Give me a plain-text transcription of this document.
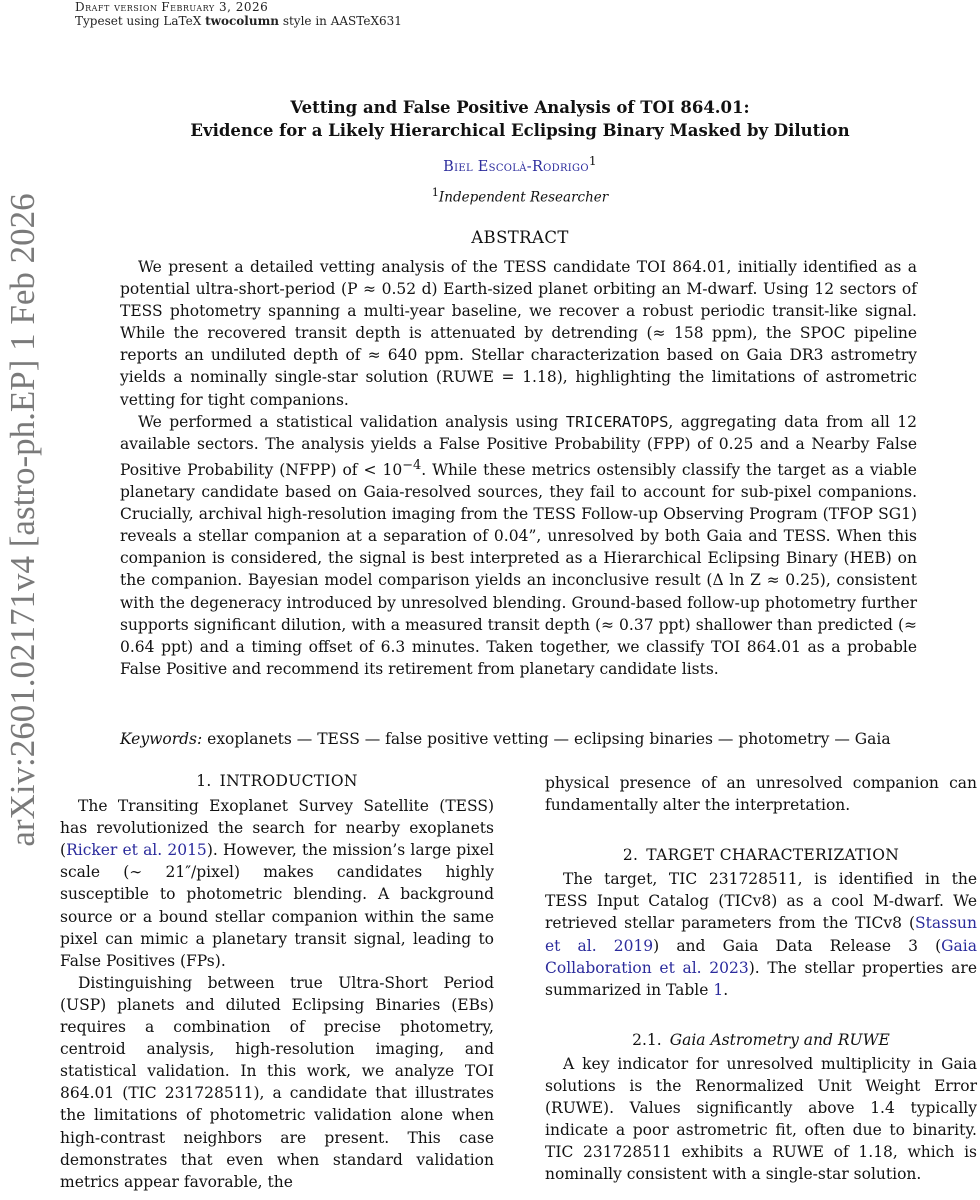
Draft version February 3, 2026
Typeset using LaTeX twocolumn style in AASTeX631
arXiv:2601.02171v4 [astro-ph.EP] 1 Feb 2026
Vetting and False Positive Analysis of TOI 864.01:
Evidence for a Likely Hierarchical Eclipsing Binary Masked by Dilution
Biel Escolà-Rodrigo$^1$
$^1$Independent Researcher
ABSTRACT

We present a detailed vetting analysis of the TESS candidate TOI 864.01, initially identified as a potential ultra-short-period (P ≈ 0.52 d) Earth-sized planet orbiting an M-dwarf. Using 12 sectors of TESS photometry spanning a multi-year baseline, we recover a robust periodic transit-like signal. While the recovered transit depth is attenuated by detrending (≈ 158 ppm), the SPOC pipeline reports an undiluted depth of ≈ 640 ppm. Stellar characterization based on Gaia DR3 astrometry yields a nominally single-star solution (RUWE = 1.18), highlighting the limitations of astrometric vetting for tight companions.

We performed a statistical validation analysis using TRICERATOPS, aggregating data from all 12 available sectors. The analysis yields a False Positive Probability (FPP) of 0.25 and a Nearby False Positive Probability (NFPP) of < $10^{-4}$. While these metrics ostensibly classify the target as a viable planetary candidate based on Gaia-resolved sources, they fail to account for sub-pixel companions. Crucially, archival high-resolution imaging from the TESS Follow-up Observing Program (TFOP SG1) reveals a stellar companion at a separation of 0.04”, unresolved by both Gaia and TESS. When this companion is considered, the signal is best interpreted as a Hierarchical Eclipsing Binary (HEB) on the companion. Bayesian model comparison yields an inconclusive result (Δ ln Z ≈ 0.25), consistent with the degeneracy introduced by unresolved blending. Ground-based follow-up photometry further supports significant dilution, with a measured transit depth (≈ 0.37 ppt) shallower than predicted (≈ 0.64 ppt) and a timing offset of 6.3 minutes. Taken together, we classify TOI 864.01 as a probable False Positive and recommend its retirement from planetary candidate lists.

Keywords: exoplanets — TESS — false positive vetting — eclipsing binaries — photometry — Gaia
1. INTRODUCTION

The Transiting Exoplanet Survey Satellite (TESS) has revolutionized the search for nearby exoplanets (Ricker et al. 2015). However, the mission’s large pixel scale (∼ 21″/pixel) makes candidates highly susceptible to photometric blending. A background source or a bound stellar companion within the same pixel can mimic a planetary transit signal, leading to False Positives (FPs).

Distinguishing between true Ultra-Short Period (USP) planets and diluted Eclipsing Binaries (EBs) requires a combination of precise photometry, centroid analysis, high-resolution imaging, and statistical validation. In this work, we analyze TOI 864.01 (TIC 231728511), a candidate that illustrates the limitations of photometric validation alone when high-contrast neighbors are present. This case demonstrates that even when standard validation metrics appear favorable, the

physical presence of an unresolved companion can fundamentally alter the interpretation.

2. TARGET CHARACTERIZATION

The target, TIC 231728511, is identified in the TESS Input Catalog (TICv8) as a cool M-dwarf. We retrieved stellar parameters from the TICv8 (Stassun et al. 2019) and Gaia Data Release 3 (Gaia Collaboration et al. 2023). The stellar properties are summarized in Table 1.

2.1. Gaia Astrometry and RUWE

A key indicator for unresolved multiplicity in Gaia solutions is the Renormalized Unit Weight Error (RUWE). Values significantly above 1.4 typically indicate a poor astrometric fit, often due to binarity. TIC 231728511 exhibits a RUWE of 1.18, which is nominally consistent with a single-star solution.
